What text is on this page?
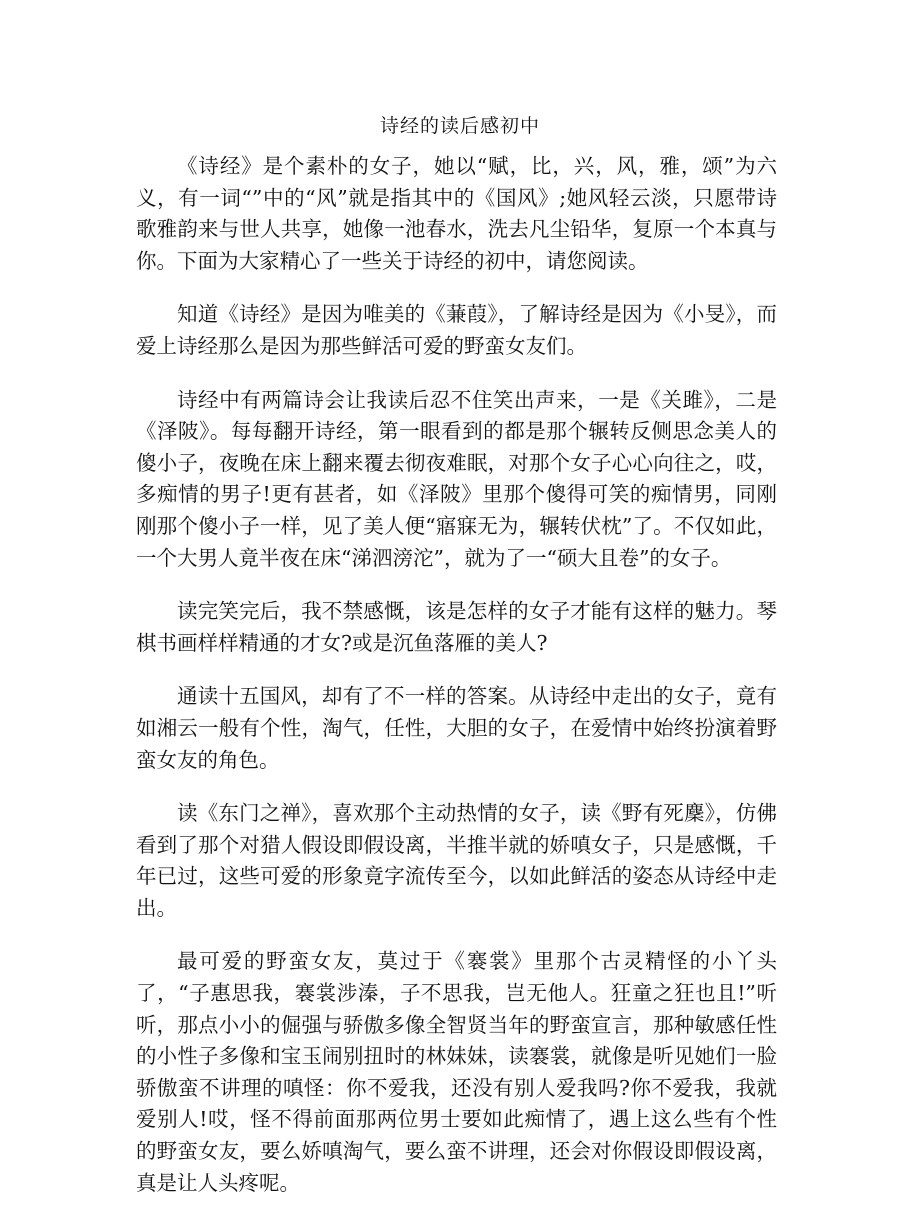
诗经的读后感初中

《诗经》是个素朴的女子，她以“赋，比，兴，风，雅，颂”为六义，有一词“”中的“风”就是指其中的《国风》;她风轻云淡，只愿带诗歌雅韵来与世人共享，她像一池春水，洗去凡尘铅华，复原一个本真与你。下面为大家精心了一些关于诗经的初中，请您阅读。

知道《诗经》是因为唯美的《蒹葭》，了解诗经是因为《小旻》，而爱上诗经那么是因为那些鲜活可爱的野蛮女友们。

诗经中有两篇诗会让我读后忍不住笑出声来，一是《关雎》，二是《泽陂》。每每翻开诗经，第一眼看到的都是那个辗转反侧思念美人的傻小子，夜晚在床上翻来覆去彻夜难眠，对那个女子心心向往之，哎，多痴情的男子!更有甚者，如《泽陂》里那个傻得可笑的痴情男，同刚刚那个傻小子一样，见了美人便“寤寐无为，辗转伏枕”了。不仅如此，一个大男人竟半夜在床“涕泗滂沱”，就为了一“硕大且卷”的女子。

读完笑完后，我不禁感慨，该是怎样的女子才能有这样的魅力。琴棋书画样样精通的才女?或是沉鱼落雁的美人?

通读十五国风，却有了不一样的答案。从诗经中走出的女子，竟有如湘云一般有个性，淘气，任性，大胆的女子，在爱情中始终扮演着野蛮女友的角色。

读《东门之禅》，喜欢那个主动热情的女子，读《野有死麇》，仿佛看到了那个对猎人假设即假设离，半推半就的娇嗔女子，只是感慨，千年已过，这些可爱的形象竟字流传至今，以如此鲜活的姿态从诗经中走出。

最可爱的野蛮女友，莫过于《褰裳》里那个古灵精怪的小丫头了，“子惠思我，褰裳涉溱，子不思我，岂无他人。狂童之狂也且!”听听，那点小小的倔强与骄傲多像全智贤当年的野蛮宣言，那种敏感任性的小性子多像和宝玉闹别扭时的林妹妹，读褰裳，就像是听见她们一脸骄傲蛮不讲理的嗔怪：你不爱我，还没有别人爱我吗?你不爱我，我就爱别人!哎，怪不得前面那两位男士要如此痴情了，遇上这么些有个性的野蛮女友，要么娇嗔淘气，要么蛮不讲理，还会对你假设即假设离，真是让人头疼呢。
